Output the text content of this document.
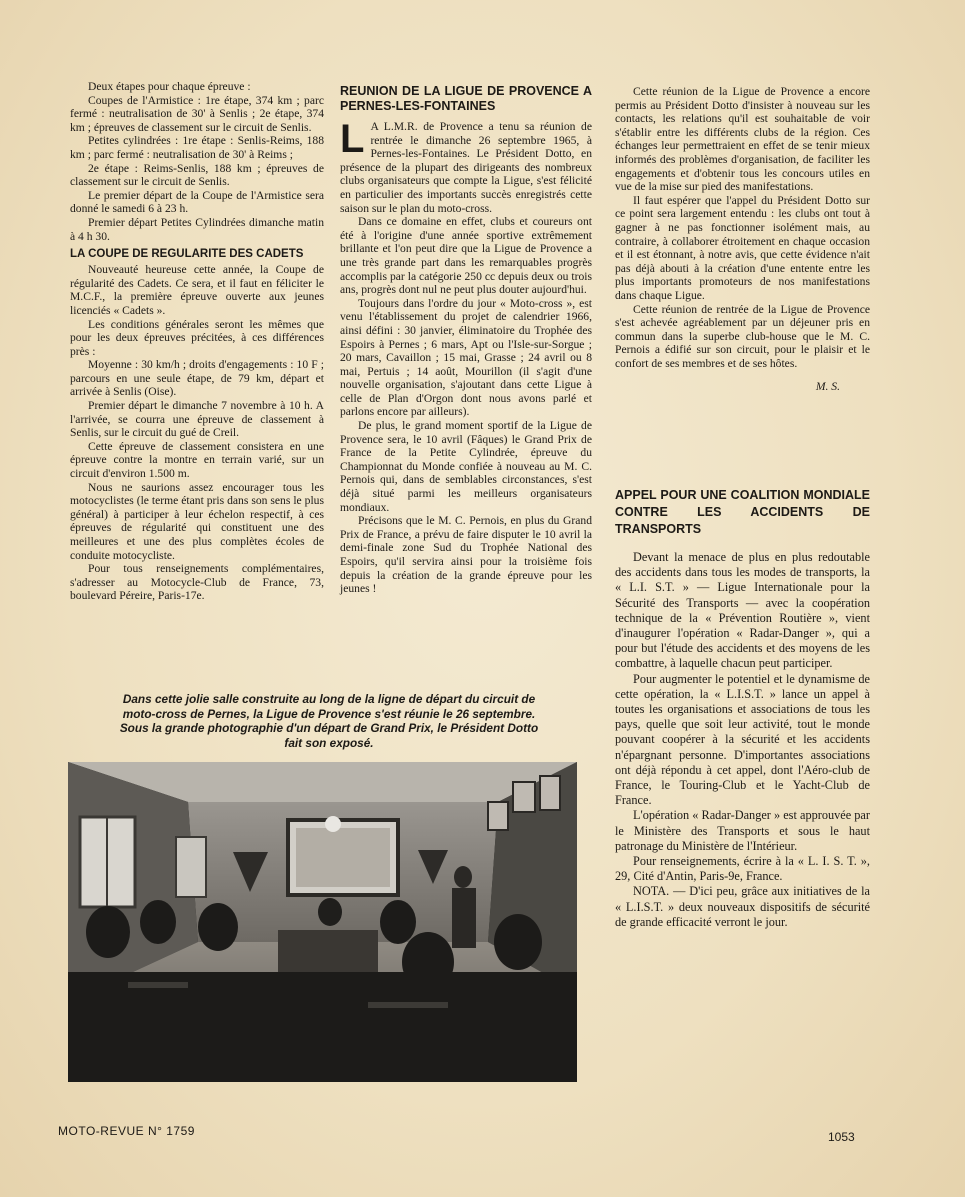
Deux étapes pour chaque épreuve :

Coupes de l'Armistice : 1re étape, 374 km ; parc fermé : neutralisation de 30' à Senlis ; 2e étape, 374 km ; épreuves de classement sur le circuit de Senlis.

Petites cylindrées : 1re étape : Senlis-Reims, 188 km ; parc fermé : neutralisation de 30' à Reims ;

2e étape : Reims-Senlis, 188 km ; épreuves de classement sur le circuit de Senlis.

Le premier départ de la Coupe de l'Armistice sera donné le samedi 6 à 23 h.

Premier départ Petites Cylindrées dimanche matin à 4 h 30.

LA COUPE DE REGULARITE DES CADETS

Nouveauté heureuse cette année, la Coupe de régularité des Cadets. Ce sera, et il faut en féliciter le M.C.F., la première épreuve ouverte aux jeunes licenciés « Cadets ».

Les conditions générales seront les mêmes que pour les deux épreuves précitées, à ces différences près :

Moyenne : 30 km/h ; droits d'engagements : 10 F ; parcours en une seule étape, de 79 km, départ et arrivée à Senlis (Oise).

Premier départ le dimanche 7 novembre à 10 h. A l'arrivée, se courra une épreuve de classement à Senlis, sur le circuit du gué de Creil.

Cette épreuve de classement consistera en une épreuve contre la montre en terrain varié, sur un circuit d'environ 1.500 m.

Nous ne saurions assez encourager tous les motocyclistes (le terme étant pris dans son sens le plus général) à participer à leur échelon respectif, à ces épreuves de régularité qui constituent une des meilleures et une des plus complètes écoles de conduite motocycliste.

Pour tous renseignements complémentaires, s'adresser au Motocycle-Club de France, 73, boulevard Péreire, Paris-17e.

REUNION DE LA LIGUE DE PROVENCE A PERNES-LES-FONTAINES

L A L.M.R. de Provence a tenu sa réunion de rentrée le dimanche 26 septembre 1965, à Pernes-les-Fontaines. Le Président Dotto, en présence de la plupart des dirigeants des nombreux clubs organisateurs que compte la Ligue, s'est félicité en particulier des importants succès enregistrés cette saison sur le plan du moto-cross.

Dans ce domaine en effet, clubs et coureurs ont été à l'origine d'une année sportive extrêmement brillante et l'on peut dire que la Ligue de Provence a une très grande part dans les remarquables progrès accomplis par la catégorie 250 cc depuis deux ou trois ans, progrès dont nul ne peut plus douter aujourd'hui.

Toujours dans l'ordre du jour « Moto-cross », est venu l'établissement du projet de calendrier 1966, ainsi défini : 30 janvier, éliminatoire du Trophée des Espoirs à Pernes ; 6 mars, Apt ou l'Isle-sur-Sorgue ; 20 mars, Cavaillon ; 15 mai, Grasse ; 24 avril ou 8 mai, Pertuis ; 14 août, Mourillon (il s'agit d'une nouvelle organisation, s'ajoutant dans cette Ligue à celle de Plan d'Orgon dont nous avons parlé et parlons encore par ailleurs).

De plus, le grand moment sportif de la Ligue de Provence sera, le 10 avril (Fâques) le Grand Prix de France de la Petite Cylindrée, épreuve du Championnat du Monde confiée à nouveau au M. C. Pernois qui, dans de semblables circonstances, s'est déjà situé parmi les meilleurs organisateurs mondiaux.

Précisons que le M. C. Pernois, en plus du Grand Prix de France, a prévu de faire disputer le 10 avril la demi-finale zone Sud du Trophée National des Espoirs, qu'il servira ainsi pour la troisième fois depuis la création de la grande épreuve pour les jeunes !

Cette réunion de la Ligue de Provence a encore permis au Président Dotto d'insister à nouveau sur les contacts, les relations qu'il est souhaitable de voir s'établir entre les différents clubs de la région. Ces échanges leur permettraient en effet de se tenir mieux informés des problèmes d'organisation, de faciliter les engagements et d'obtenir tous les concours utiles en vue de la mise sur pied des manifestations.

Il faut espérer que l'appel du Président Dotto sur ce point sera largement entendu : les clubs ont tout à gagner à ne pas fonctionner isolément mais, au contraire, à collaborer étroitement en chaque occasion et il est étonnant, à notre avis, que cette évidence n'ait pas déjà abouti à la création d'une entente entre les plus importants promoteurs de nos manifestations dans chaque Ligue.

Cette réunion de rentrée de la Ligue de Provence s'est achevée agréablement par un déjeuner pris en commun dans la superbe club-house que le M. C. Pernois a édifié sur son circuit, pour le plaisir et le confort de ses membres et de ses hôtes.

M. S.

APPEL POUR UNE COALITION MONDIALE CONTRE LES ACCIDENTS DE TRANSPORTS

Devant la menace de plus en plus redoutable des accidents dans tous les modes de transports, la « L.I. S.T. » — Ligue Internationale pour la Sécurité des Transports — avec la coopération technique de la « Prévention Routière », vient d'inaugurer l'opération « Radar-Danger », qui a pour but l'étude des accidents et des moyens de les combattre, à laquelle chacun peut participer.

Pour augmenter le potentiel et le dynamisme de cette opération, la « L.I.S.T. » lance un appel à toutes les organisations et associations de tous les pays, quelle que soit leur activité, tout le monde pouvant coopérer à la sécurité et les accidents n'épargnant personne. D'importantes associations ont déjà répondu à cet appel, dont l'Aéro-club de France, le Touring-Club et le Yacht-Club de France.

L'opération « Radar-Danger » est approuvée par le Ministère des Transports et sous le haut patronage du Ministère de l'Intérieur.

Pour renseignements, écrire à la « L. I. S. T. », 29, Cité d'Antin, Paris-9e, France.

NOTA. — D'ici peu, grâce aux initiatives de la « L.I.S.T. » deux nouveaux dispositifs de sécurité de grande efficacité verront le jour.

Dans cette jolie salle construite au long de la ligne de départ du circuit de moto-cross de Pernes, la Ligue de Provence s'est réunie le 26 septembre. Sous la grande photographie d'un départ de Grand Prix, le Président Dotto fait son exposé.
MOTO-REVUE N° 1759	1053
